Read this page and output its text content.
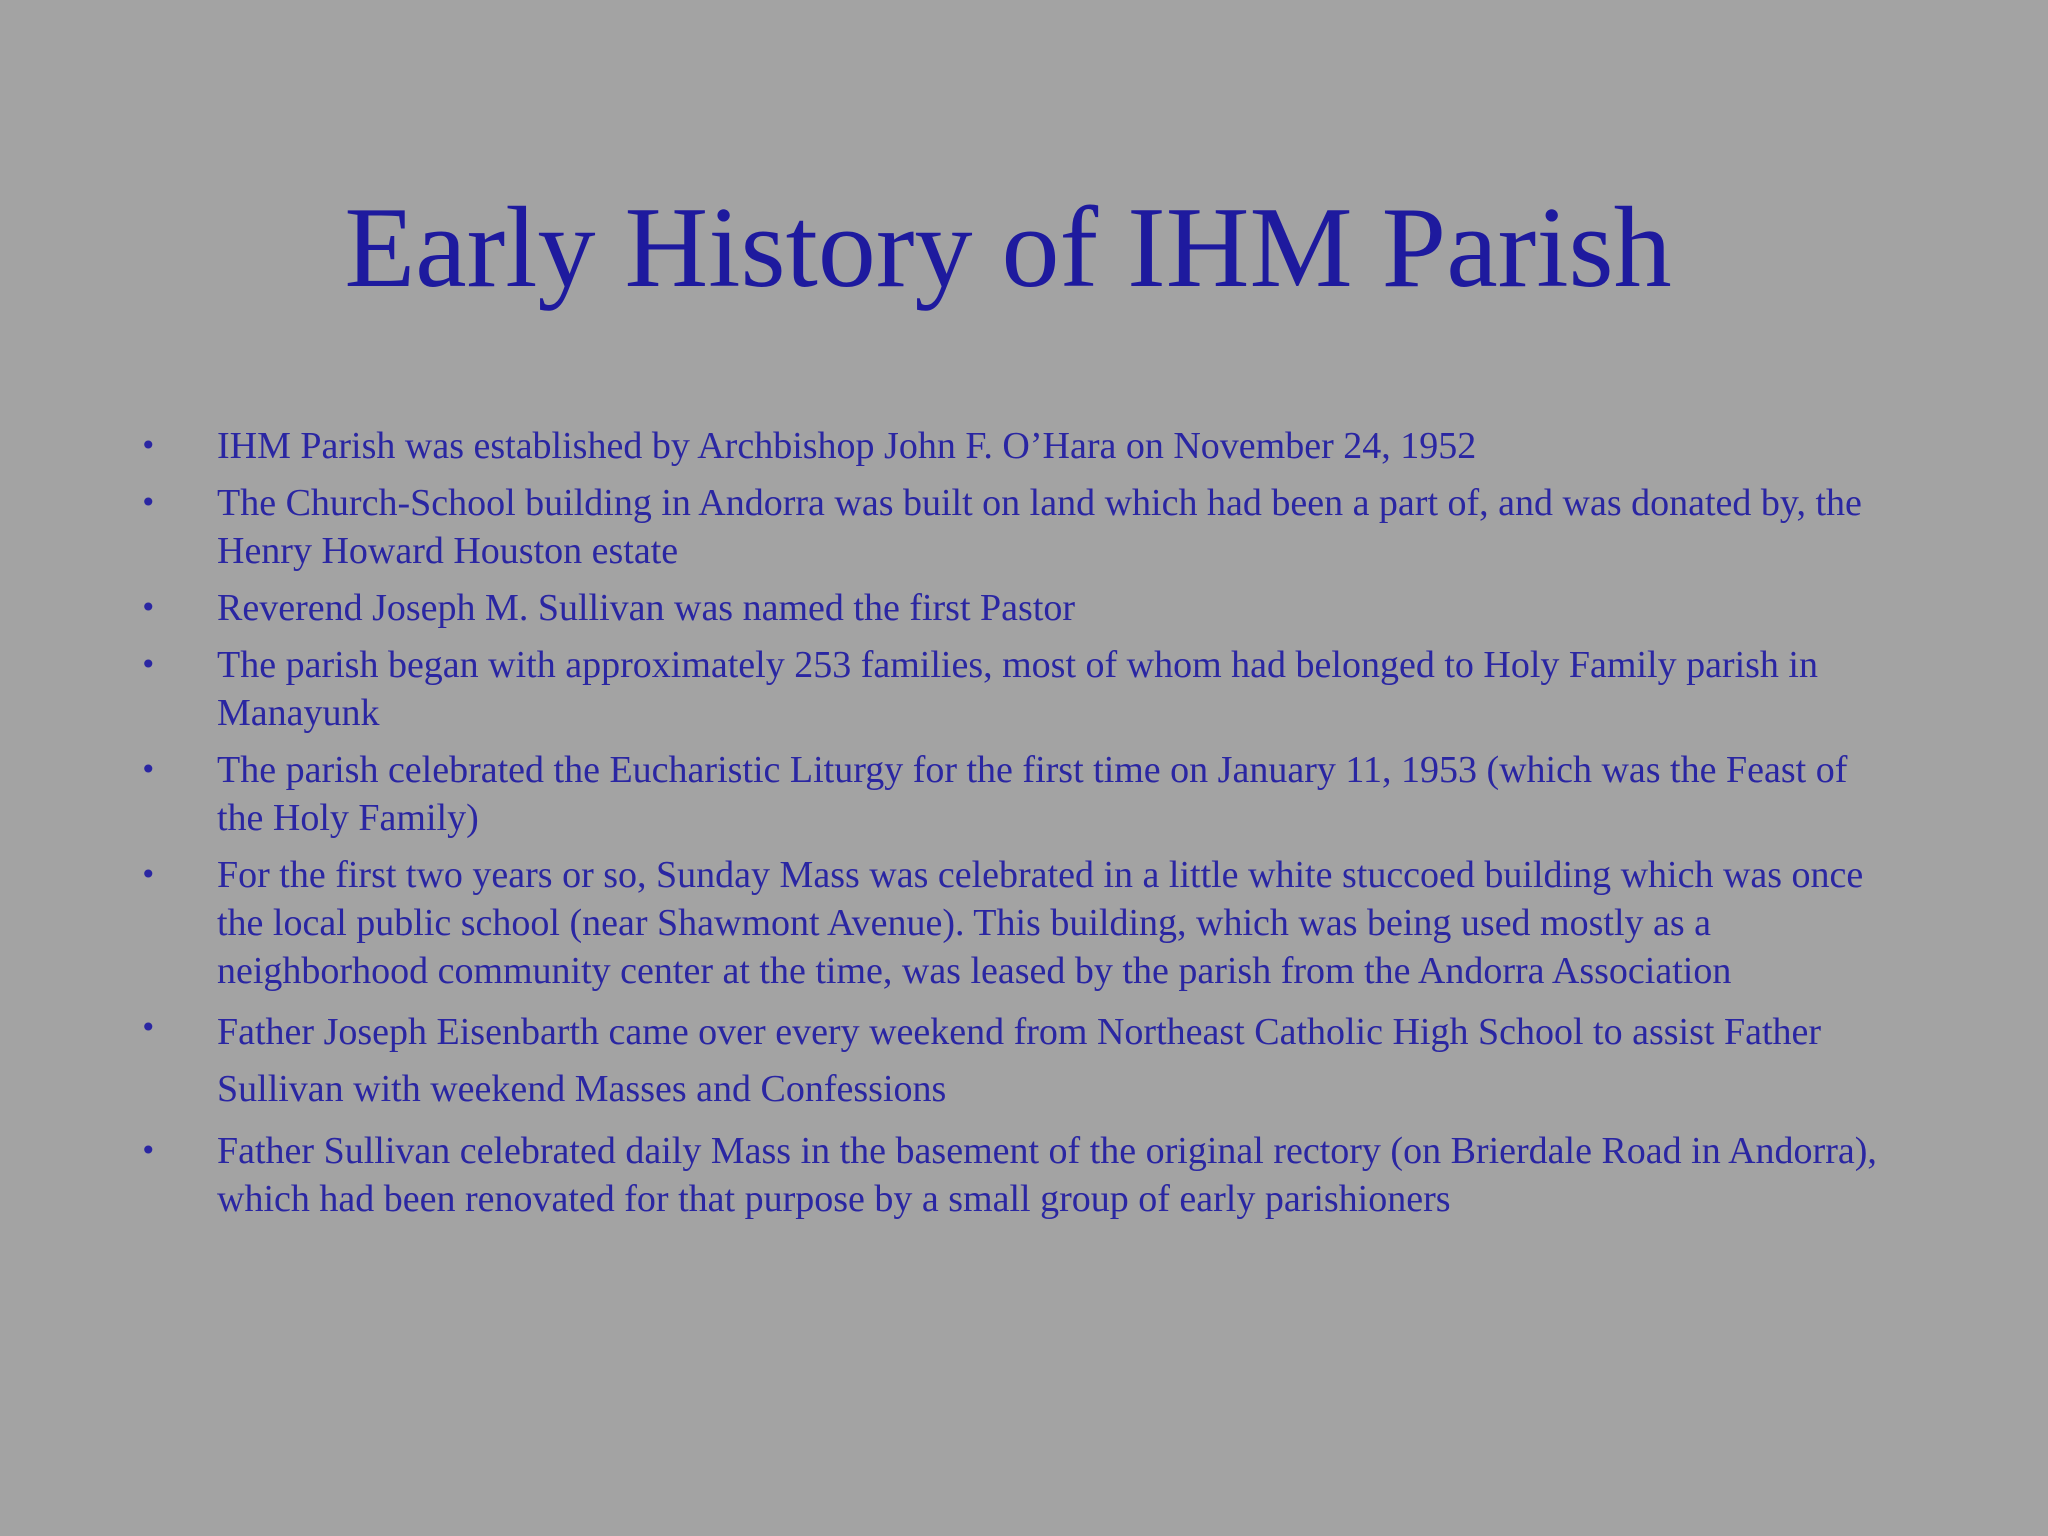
Early History of IHM Parish
• IHM Parish was established by Archbishop John F. O’Hara on November 24, 1952
• The Church-School building in Andorra was built on land which had been a part of, and was donated by, the Henry Howard Houston estate
• Reverend Joseph M. Sullivan was named the first Pastor
• The parish began with approximately 253 families, most of whom had belonged to Holy Family parish in Manayunk
• The parish celebrated the Eucharistic Liturgy for the first time on January 11, 1953 (which was the Feast of the Holy Family)
• For the first two years or so, Sunday Mass was celebrated in a little white stuccoed building which was once the local public school (near Shawmont Avenue). This building, which was being used mostly as a neighborhood community center at the time, was leased by the parish from the Andorra Association
• Father Joseph Eisenbarth came over every weekend from Northeast Catholic High School to assist Father Sullivan with weekend Masses and Confessions
• Father Sullivan celebrated daily Mass in the basement of the original rectory (on Brierdale Road in Andorra), which had been renovated for that purpose by a small group of early parishioners
